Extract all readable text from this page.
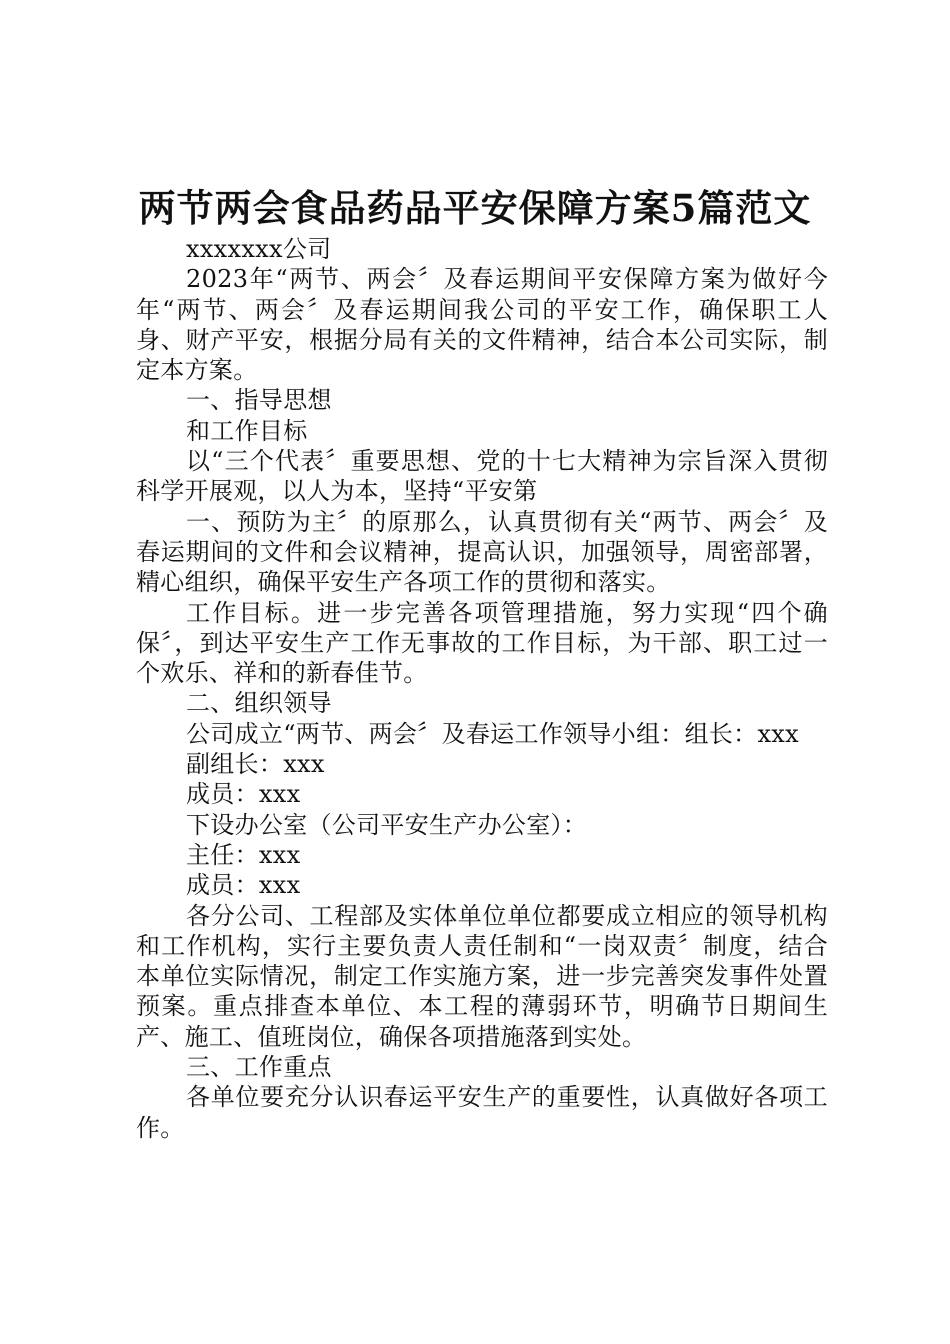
两节两会食品药品平安保障方案5篇范文

xxxxxxx公司

2023年“两节、两会〞及春运期间平安保障方案为做好今年“两节、两会〞及春运期间我公司的平安工作，确保职工人身、财产平安，根据分局有关的文件精神，结合本公司实际，制定本方案。

一、指导思想

和工作目标

以“三个代表〞重要思想、党的十七大精神为宗旨深入贯彻科学开展观，以人为本，坚持“平安第

一、预防为主〞的原那么，认真贯彻有关“两节、两会〞及春运期间的文件和会议精神，提高认识，加强领导，周密部署，精心组织，确保平安生产各项工作的贯彻和落实。

工作目标。进一步完善各项管理措施，努力实现“四个确保〞，到达平安生产工作无事故的工作目标，为干部、职工过一个欢乐、祥和的新春佳节。

二、组织领导

公司成立“两节、两会〞及春运工作领导小组：组长：xxx

副组长：xxx

成员：xxx

下设办公室（公司平安生产办公室）：

主任：xxx

成员：xxx

各分公司、工程部及实体单位单位都要成立相应的领导机构和工作机构，实行主要负责人责任制和“一岗双责〞制度，结合本单位实际情况，制定工作实施方案，进一步完善突发事件处置预案。重点排查本单位、本工程的薄弱环节，明确节日期间生产、施工、值班岗位，确保各项措施落到实处。

三、工作重点

各单位要充分认识春运平安生产的重要性，认真做好各项工作。
